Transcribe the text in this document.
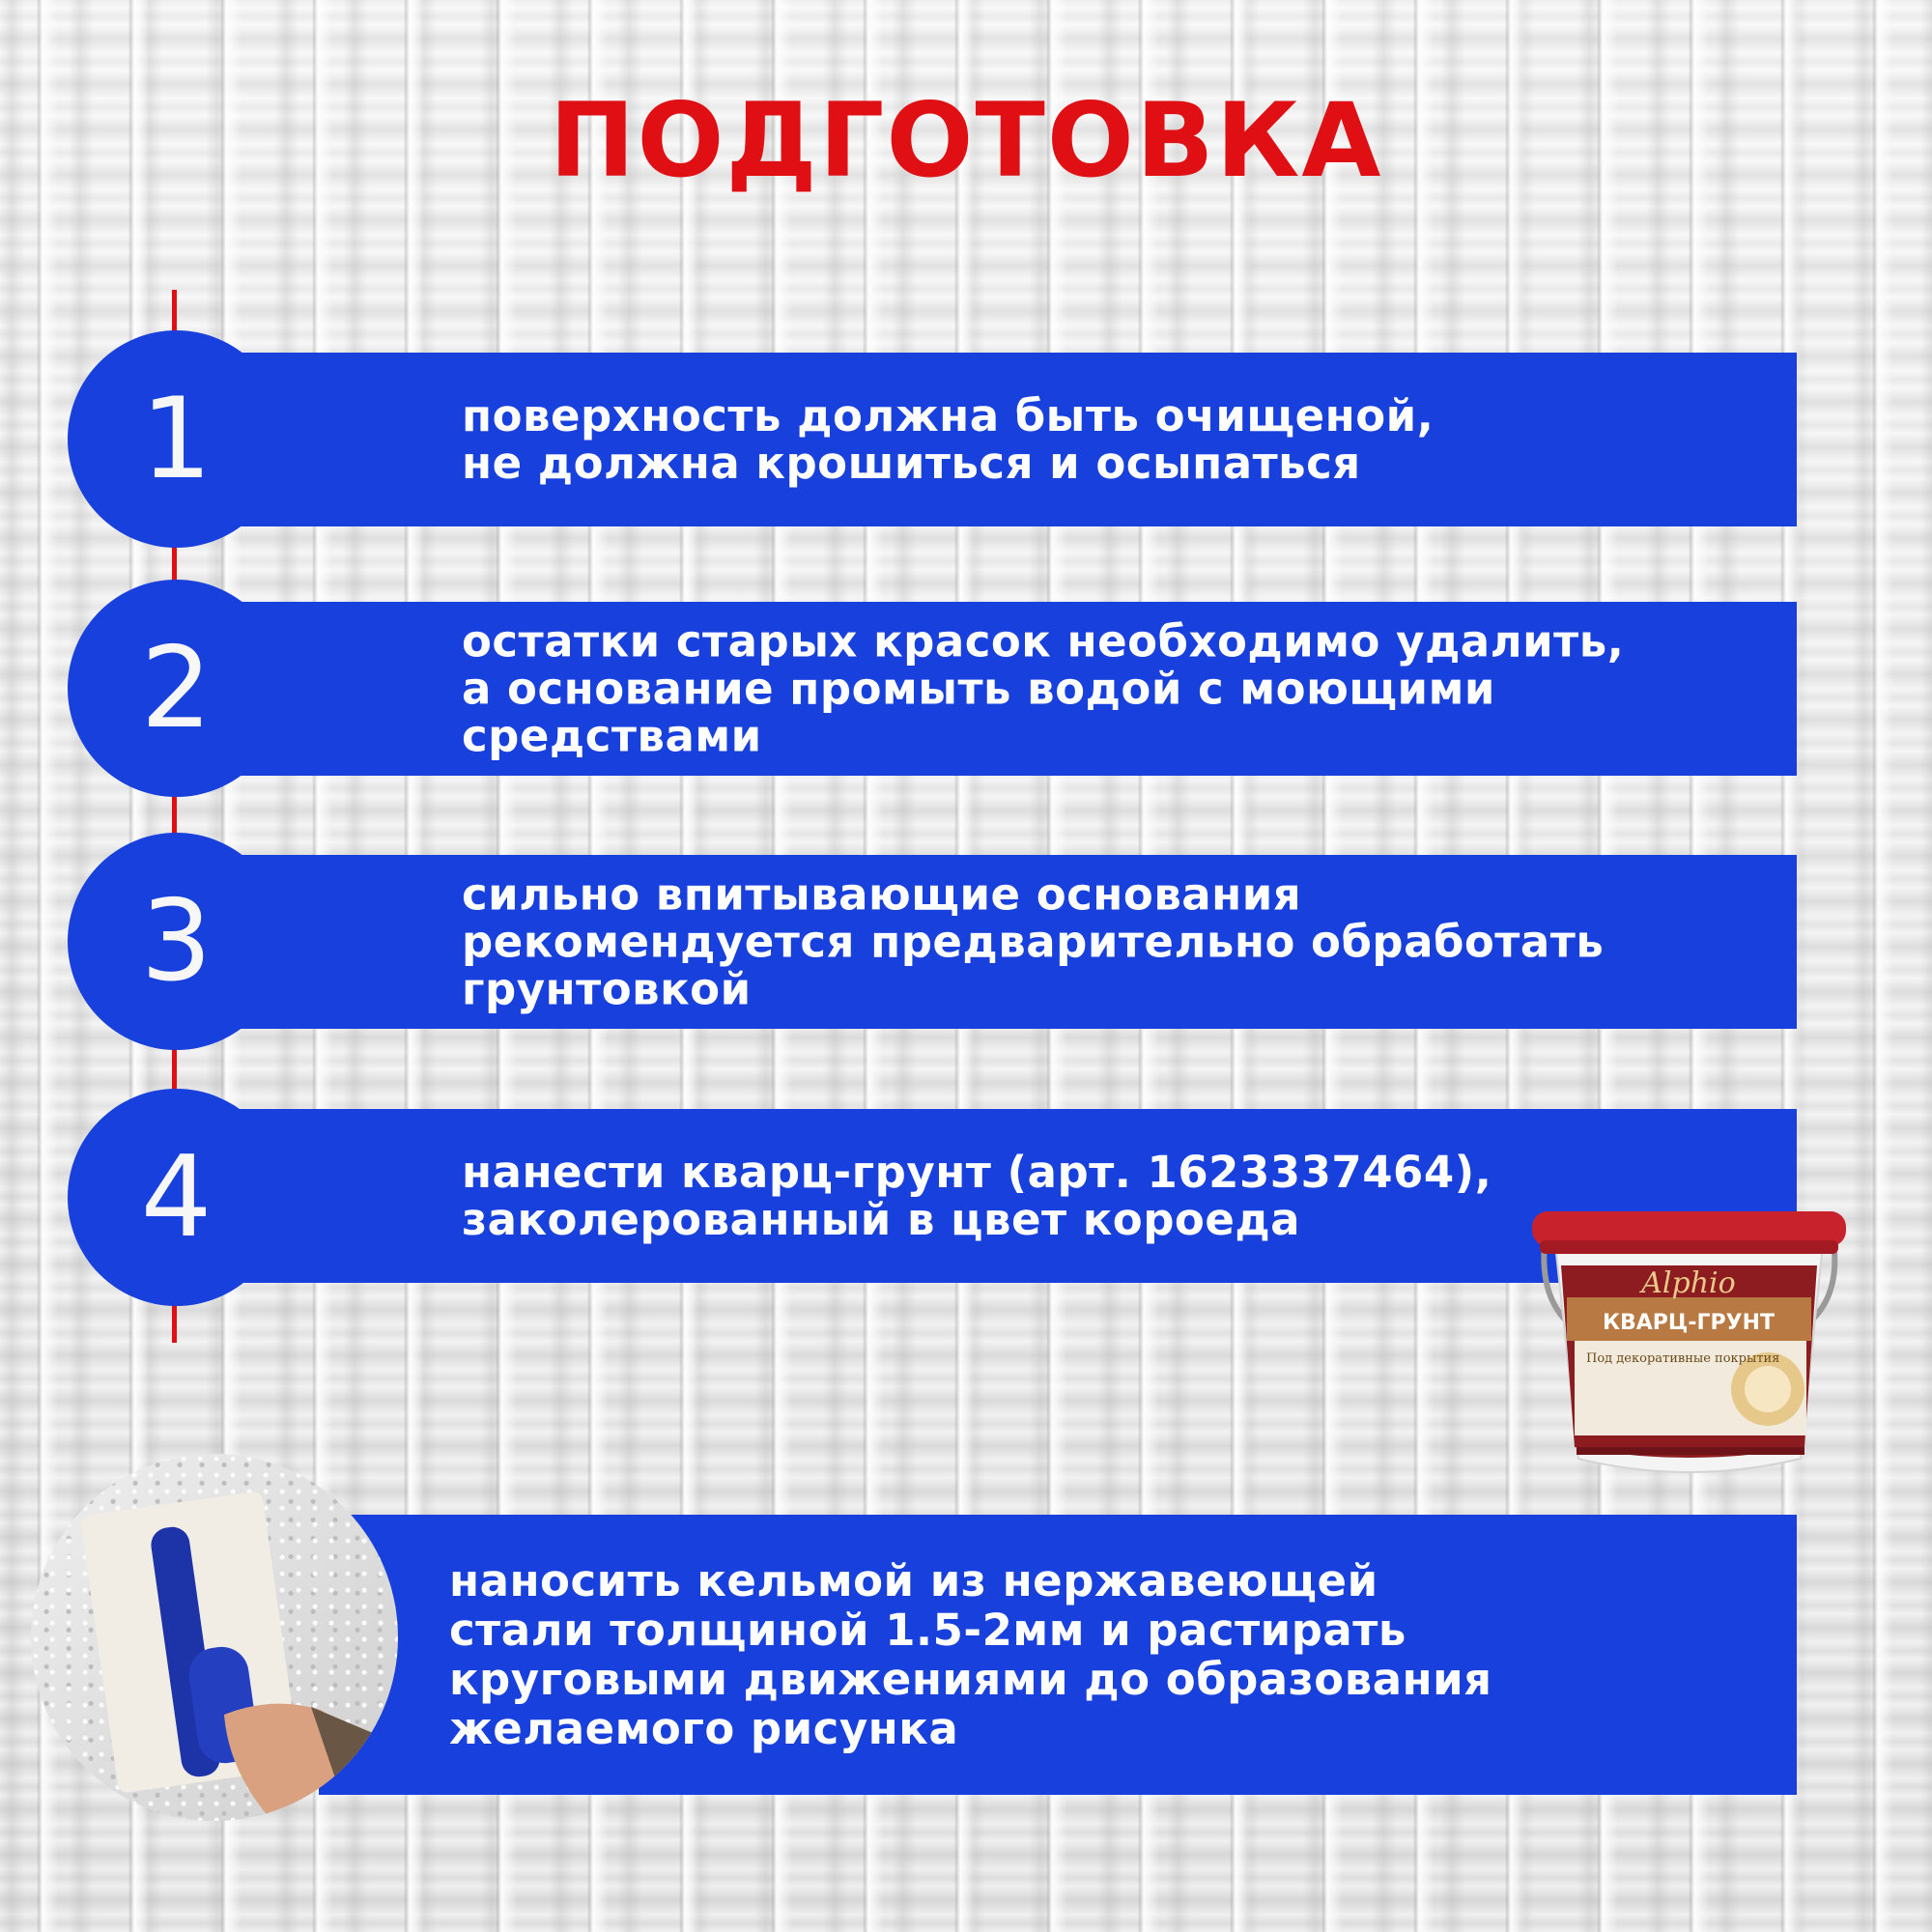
ПОДГОТОВКА

поверхность должна быть очищеной,
не должна крошиться и осыпаться

1

остатки старых красок необходимо удалить,
а основание промыть водой с моющими
средствами

2

сильно впитывающие основания
рекомендуется предварительно обработать
грунтовкой

3

нанести кварц-грунт (арт. 1623337464),
заколерованный в цвет короеда

4
Alphio
КВАРЦ-ГРУНТ
Под декоративные покрытия

наносить кельмой из нержавеющей
стали толщиной 1.5-2мм и растирать
круговыми движениями до образования
желаемого рисунка
